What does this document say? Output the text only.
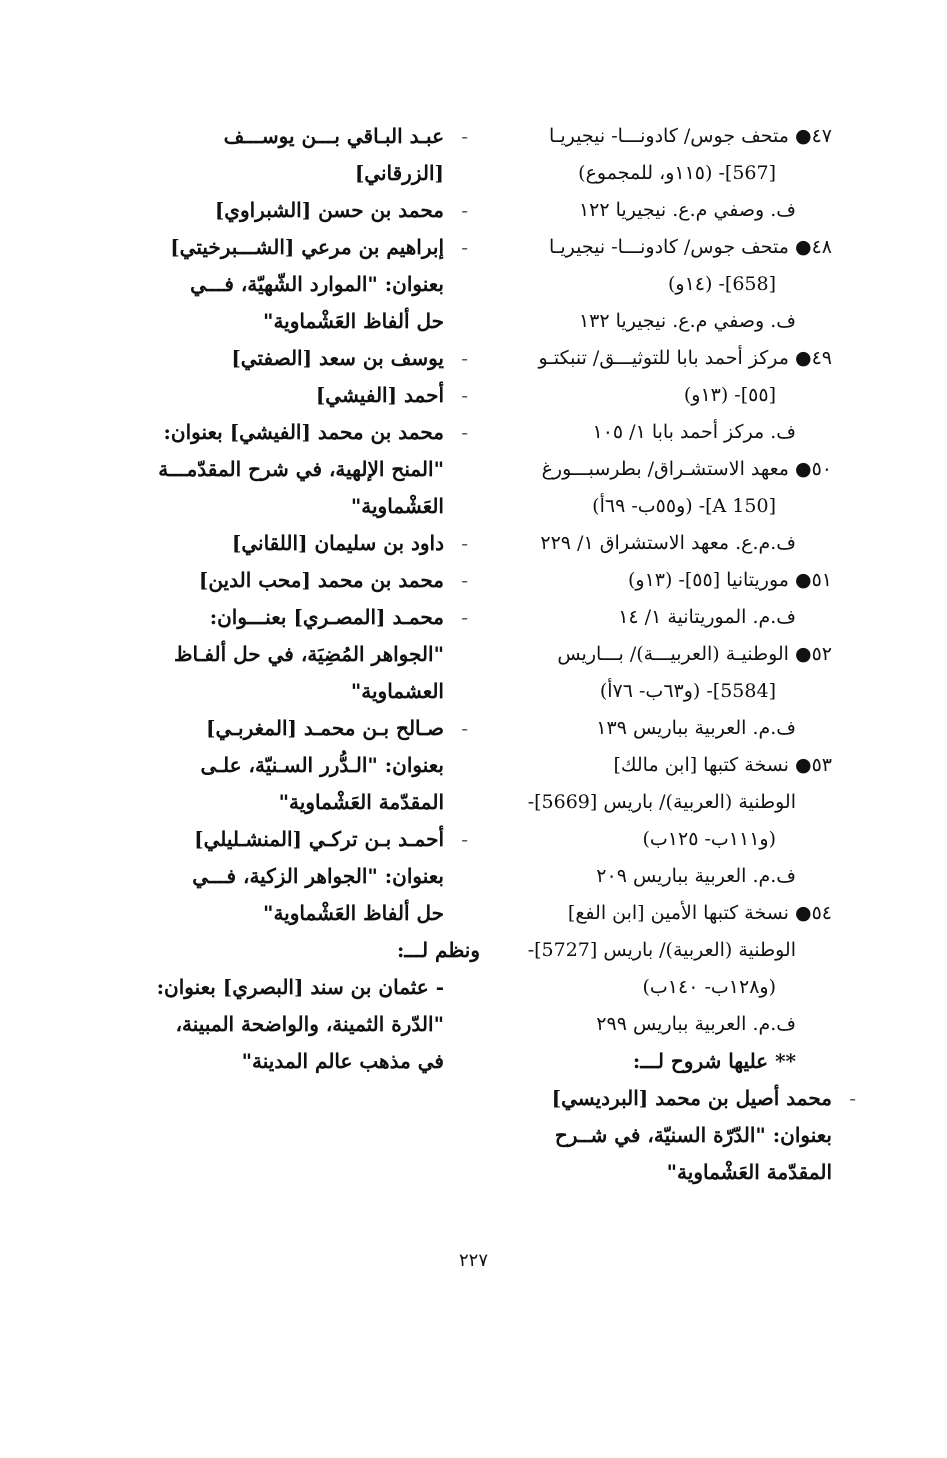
٤٧● متحف جوس/ كادونـــا- نيجيريـا
[567]- (١١٥و، للمجموع)
ف. وصفي م.ع. نيجيريا ١٢٢
٤٨● متحف جوس/ كادونـــا- نيجيريـا
[658]- (١٤و)
ف. وصفي م.ع. نيجيريا ١٣٢
٤٩● مركز أحمد بابا للتوثيـــق/ تنبكتـو
[٥٥]- (١٣و)
ف. مركز أحمد بابا ١/ ١٠٥
٥٠● معهد الاستشـراق/ بطرسبـــورغ
[A 150]- (و٥٥ب- ٦٩أ)
ف.م.ع. معهد الاستشراق ١/ ٢٢٩
٥١● موريتانيا [٥٥]- (١٣و)
ف.م. الموريتانية ١/ ١٤
٥٢● الوطنيـة (العربيـــة)/ بـــاريس
[5584]- (و٦٣ب- ٧٦أ)
ف.م. العربية بباريس ١٣٩
٥٣● نسخة كتبها [ابن مالك]
الوطنية (العربية)/ باريس [5669]-
(و١١١ب- ١٢٥ب)
ف.م. العربية بباريس ٢٠٩
٥٤● نسخة كتبها الأمين [ابن الفع]
الوطنية (العربية)/ باريس [5727]-
(و١٢٨ب- ١٤٠ب)
ف.م. العربية بباريس ٢٩٩
** عليها شروح لـــ:
-
محمد أصيل بن محمد [البرديسي]
بعنوان: "الدّرّة السنيّة، في شــرح
المقدّمة العَشْماوية"
-
عبـد البـاقي بـــن يوســـف
[الزرقاني]
-
محمد بن حسن [الشبراوي]
-
إبراهيم بن مرعي [الشـــبرخيتي]
بعنوان: "الموارد الشّهيّة، فـــي
حل ألفاظ العَشْماوية"
-
يوسف بن سعد [الصفتي]
-
أحمد [الفيشي]
-
محمد بن محمد [الفيشي] بعنوان:
"المنح الإلهية، في شرح المقدّمـــة
العَشْماوية"
-
داود بن سليمان [اللقاني]
-
محمد بن محمد [محب الدين]
-
محمـد [المصـري] بعنـــوان:
"الجواهر المُضِيَة، في حل ألفـاظ
العشماوية"
-
صـالح بـن محمـد [المغربـي]
بعنوان: "الـدُّرر السـنيّة، علـى
المقدّمة العَشْماوية"
-
أحمـد بـن تركـي [المنشـليلي]
بعنوان: "الجواهر الزكية، فـــي
حل ألفاظ العَشْماوية"
ونظم لـــ:
- عثمان بن سند [البصري] بعنوان:
"الدّرة الثمينة، والواضحة المبينة،
في مذهب عالم المدينة"
٢٢٧
